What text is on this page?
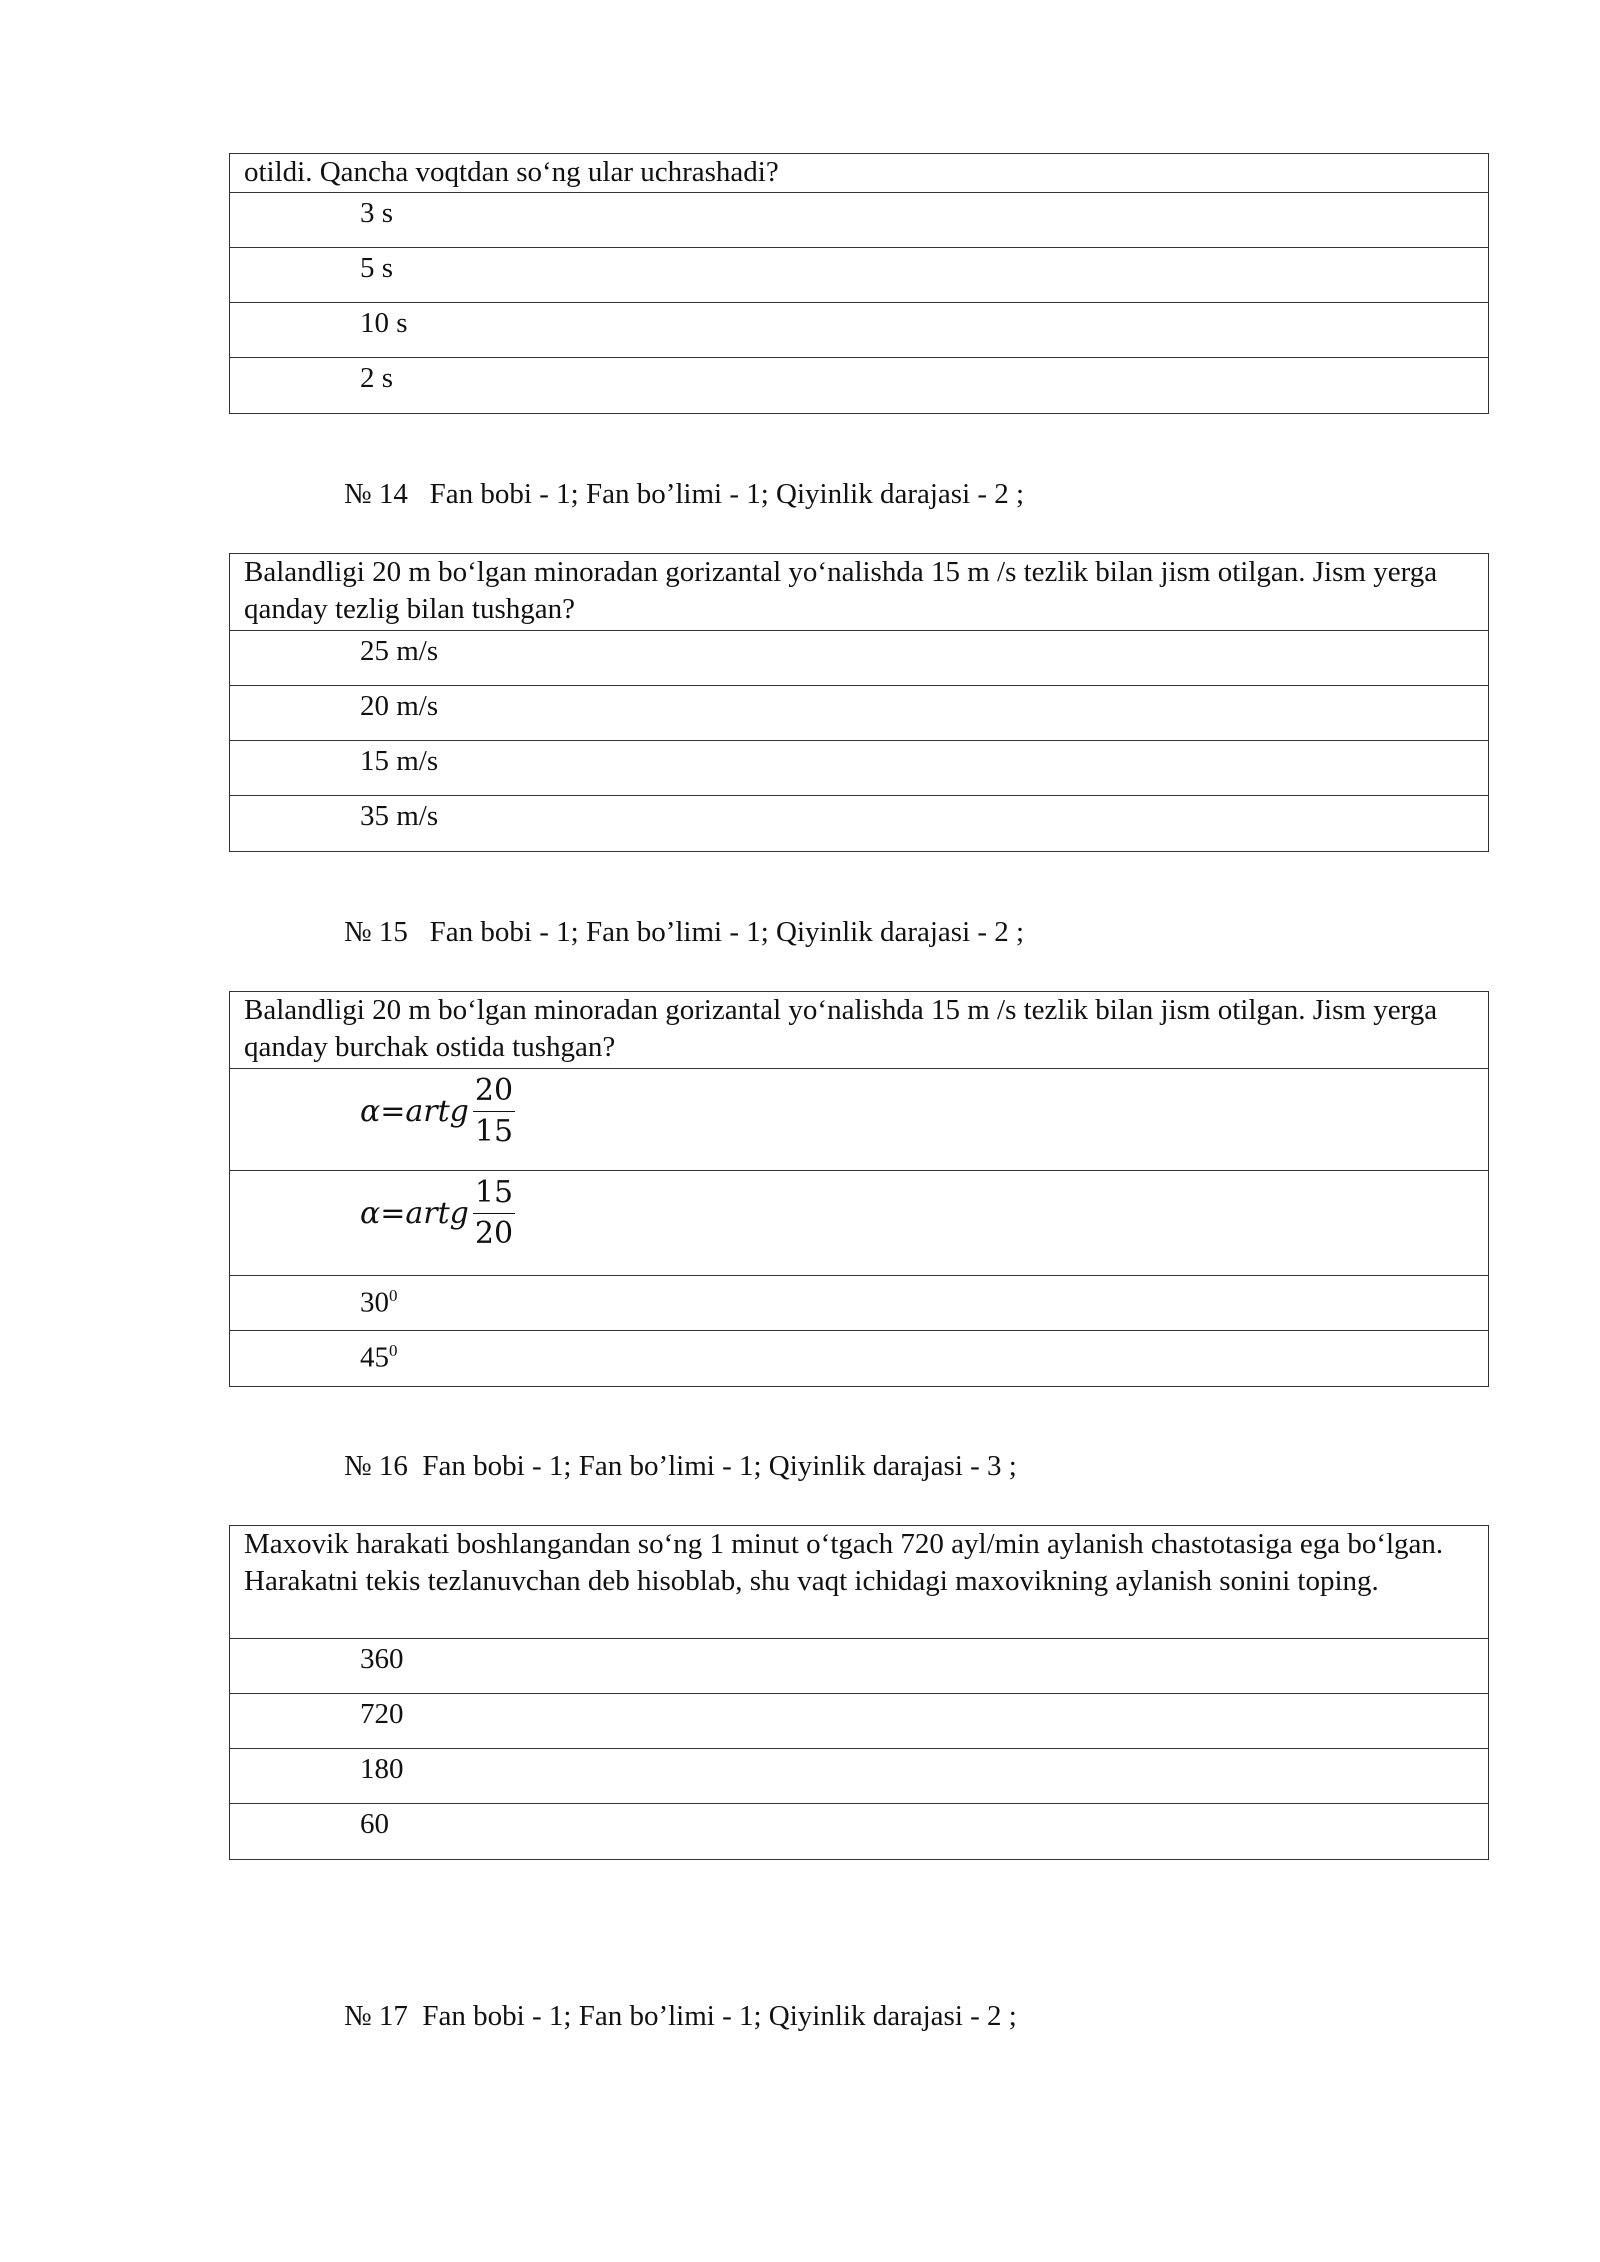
otildi. Qancha voqtdan so‘ng ular uchrashadi?
3 s
5 s
10 s
2 s
№ 14   Fan bobi - 1; Fan bo’limi - 1; Qiyinlik darajasi - 2 ;
Balandligi 20 m bo‘lgan minoradan gorizantal yo‘nalishda 15 m /s tezlik bilan jism otilgan. Jism yerga qanday tezlig bilan tushgan?
25 m/s
20 m/s
15 m/s
35 m/s
№ 15   Fan bobi - 1; Fan bo’limi - 1; Qiyinlik darajasi - 2 ;
Balandligi 20 m bo‘lgan minoradan gorizantal yo‘nalishda 15 m /s tezlik bilan jism otilgan. Jism yerga qanday burchak ostida tushgan?
α=artg $\frac{20}{15}$
α=artg $\frac{15}{20}$
$30^0$
$45^0$
№ 16  Fan bobi - 1; Fan bo’limi - 1; Qiyinlik darajasi - 3 ;
Maxovik harakati boshlangandan so‘ng 1 minut o‘tgach 720 ayl/min aylanish chastotasiga ega bo‘lgan. Harakatni tekis tezlanuvchan deb hisoblab, shu vaqt ichidagi maxovikning aylanish sonini toping.
360
720
180
60
№ 17  Fan bobi - 1; Fan bo’limi - 1; Qiyinlik darajasi - 2 ;
